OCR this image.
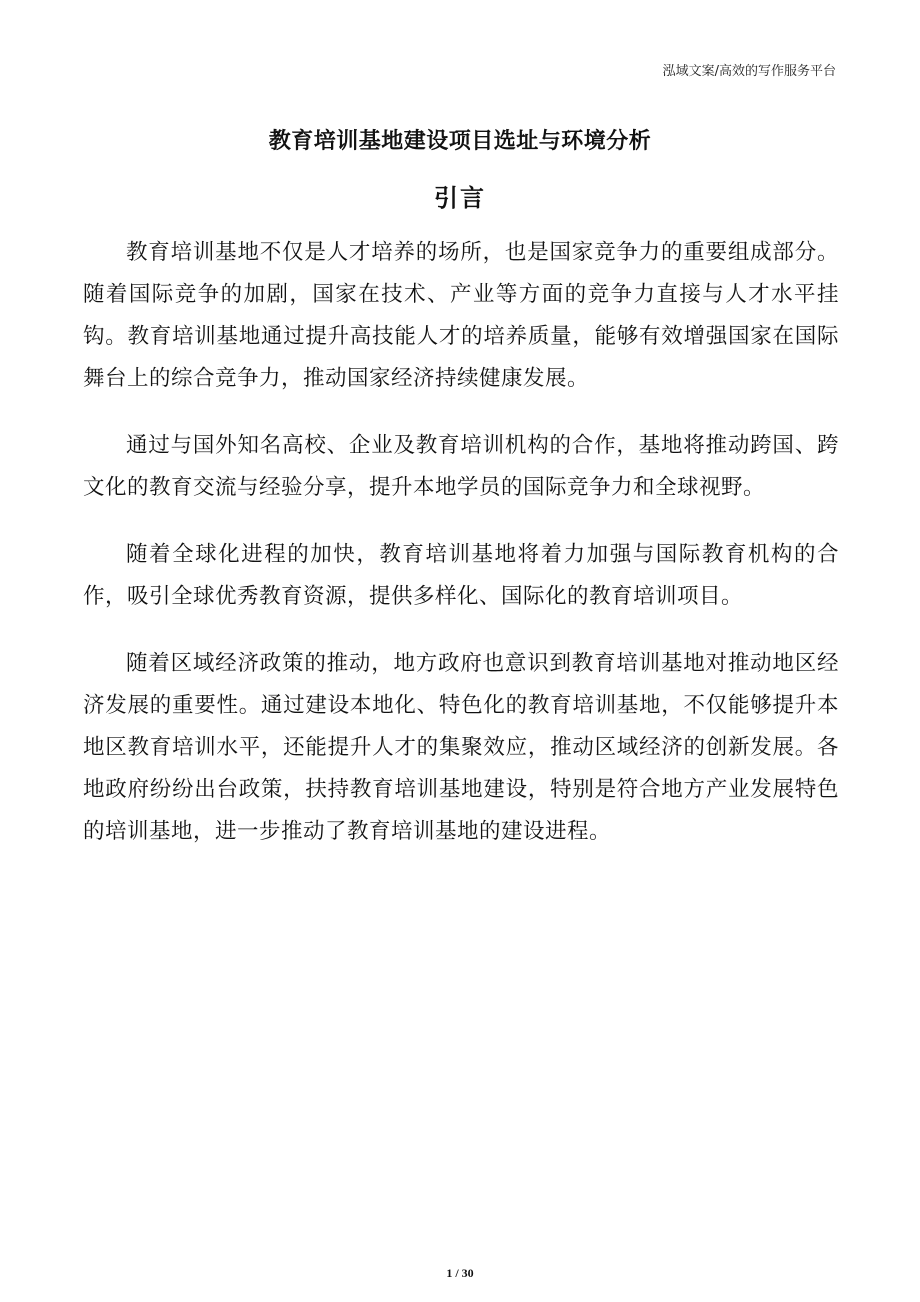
泓域文案/高效的写作服务平台
教育培训基地建设项目选址与环境分析
引言

教育培训基地不仅是人才培养的场所，也是国家竞争力的重要组成部分。随着国际竞争的加剧，国家在技术、产业等方面的竞争力直接与人才水平挂钩。教育培训基地通过提升高技能人才的培养质量，能够有效增强国家在国际舞台上的综合竞争力，推动国家经济持续健康发展。

通过与国外知名高校、企业及教育培训机构的合作，基地将推动跨国、跨文化的教育交流与经验分享，提升本地学员的国际竞争力和全球视野。

随着全球化进程的加快，教育培训基地将着力加强与国际教育机构的合作，吸引全球优秀教育资源，提供多样化、国际化的教育培训项目。

随着区域经济政策的推动，地方政府也意识到教育培训基地对推动地区经济发展的重要性。通过建设本地化、特色化的教育培训基地，不仅能够提升本地区教育培训水平，还能提升人才的集聚效应，推动区域经济的创新发展。各地政府纷纷出台政策，扶持教育培训基地建设，特别是符合地方产业发展特色的培训基地，进一步推动了教育培训基地的建设进程。

1 / 30
